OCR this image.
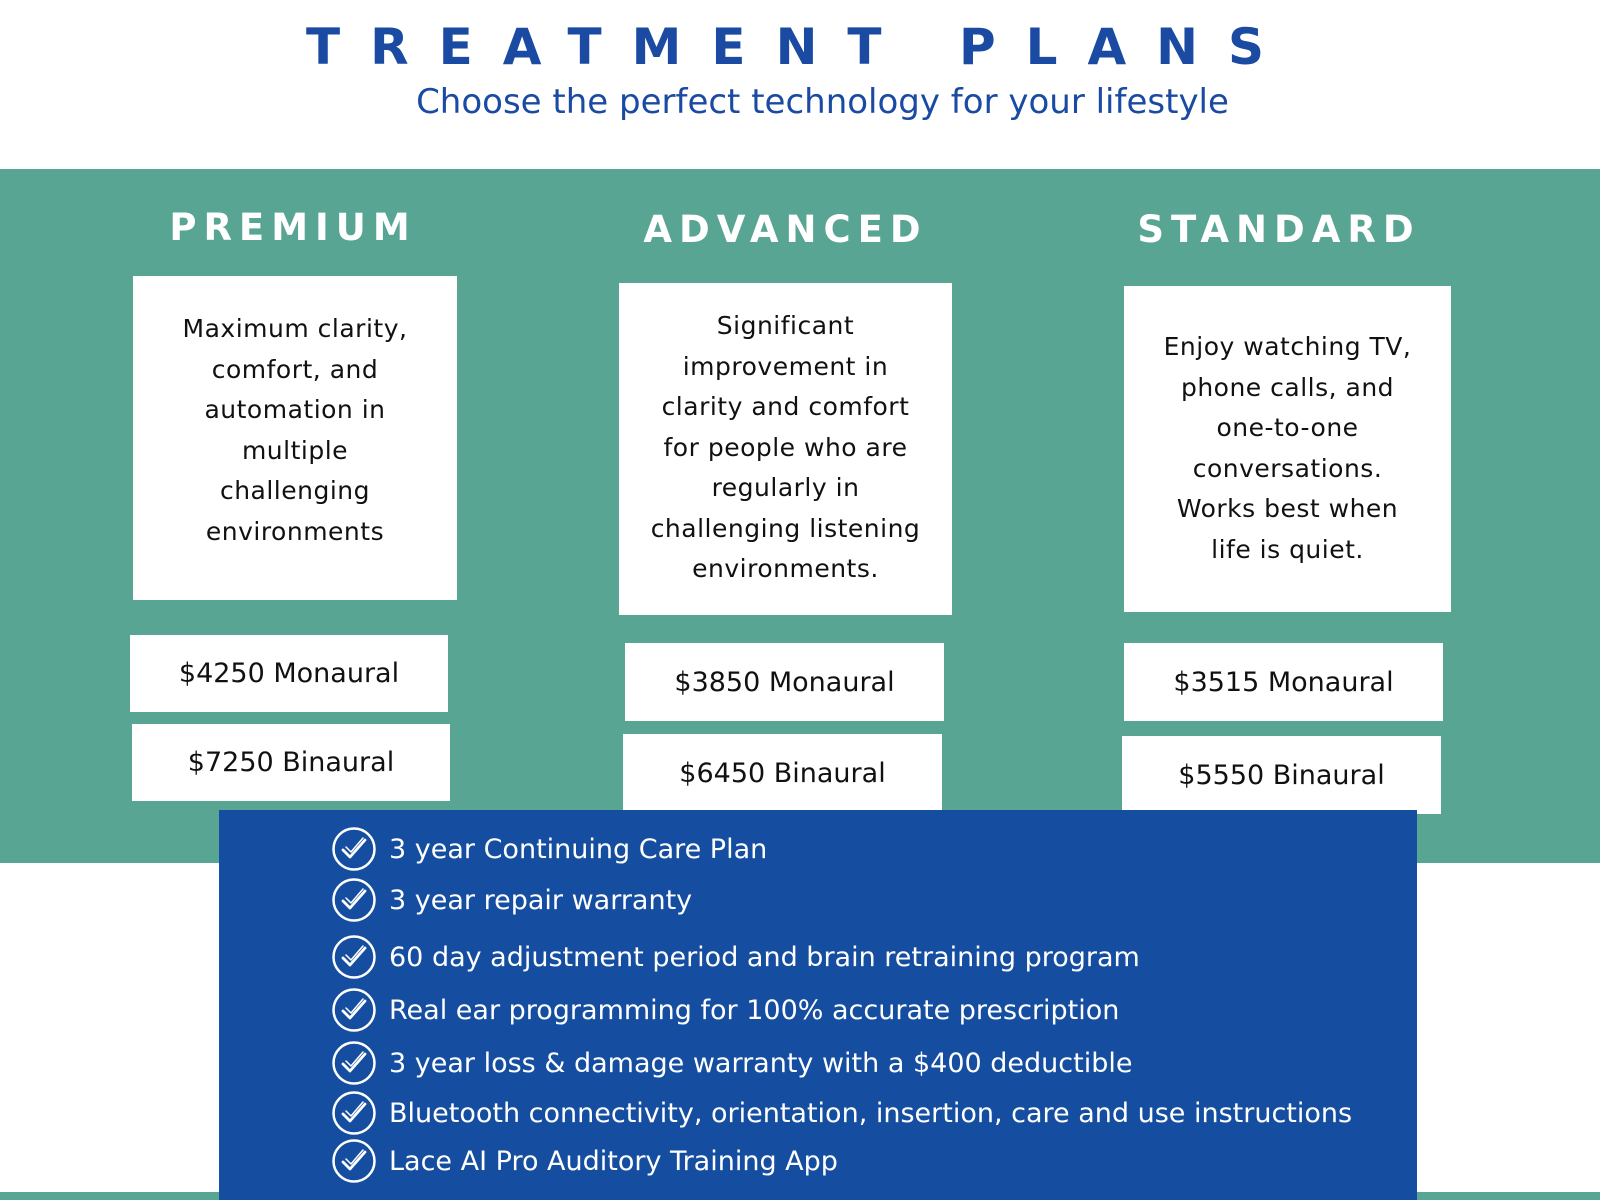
TREATMENT PLANS
Choose the perfect technology for your lifestyle
PREMIUM
Maximum clarity,
comfort, and
automation in
multiple
challenging
environments
$4250 Monaural
$7250 Binaural
ADVANCED
Significant
improvement in
clarity and comfort
for people who are
regularly in
challenging listening
environments.
$3850 Monaural
$6450 Binaural
STANDARD
Enjoy watching TV,
phone calls, and
one-to-one
conversations.
Works best when
life is quiet.
$3515 Monaural
$5550 Binaural
3 year Continuing Care Plan
3 year repair warranty
60 day adjustment period and brain retraining program
Real ear programming for 100% accurate prescription
3 year loss & damage warranty with a $400 deductible
Bluetooth connectivity, orientation, insertion, care and use instructions
Lace AI Pro Auditory Training App
